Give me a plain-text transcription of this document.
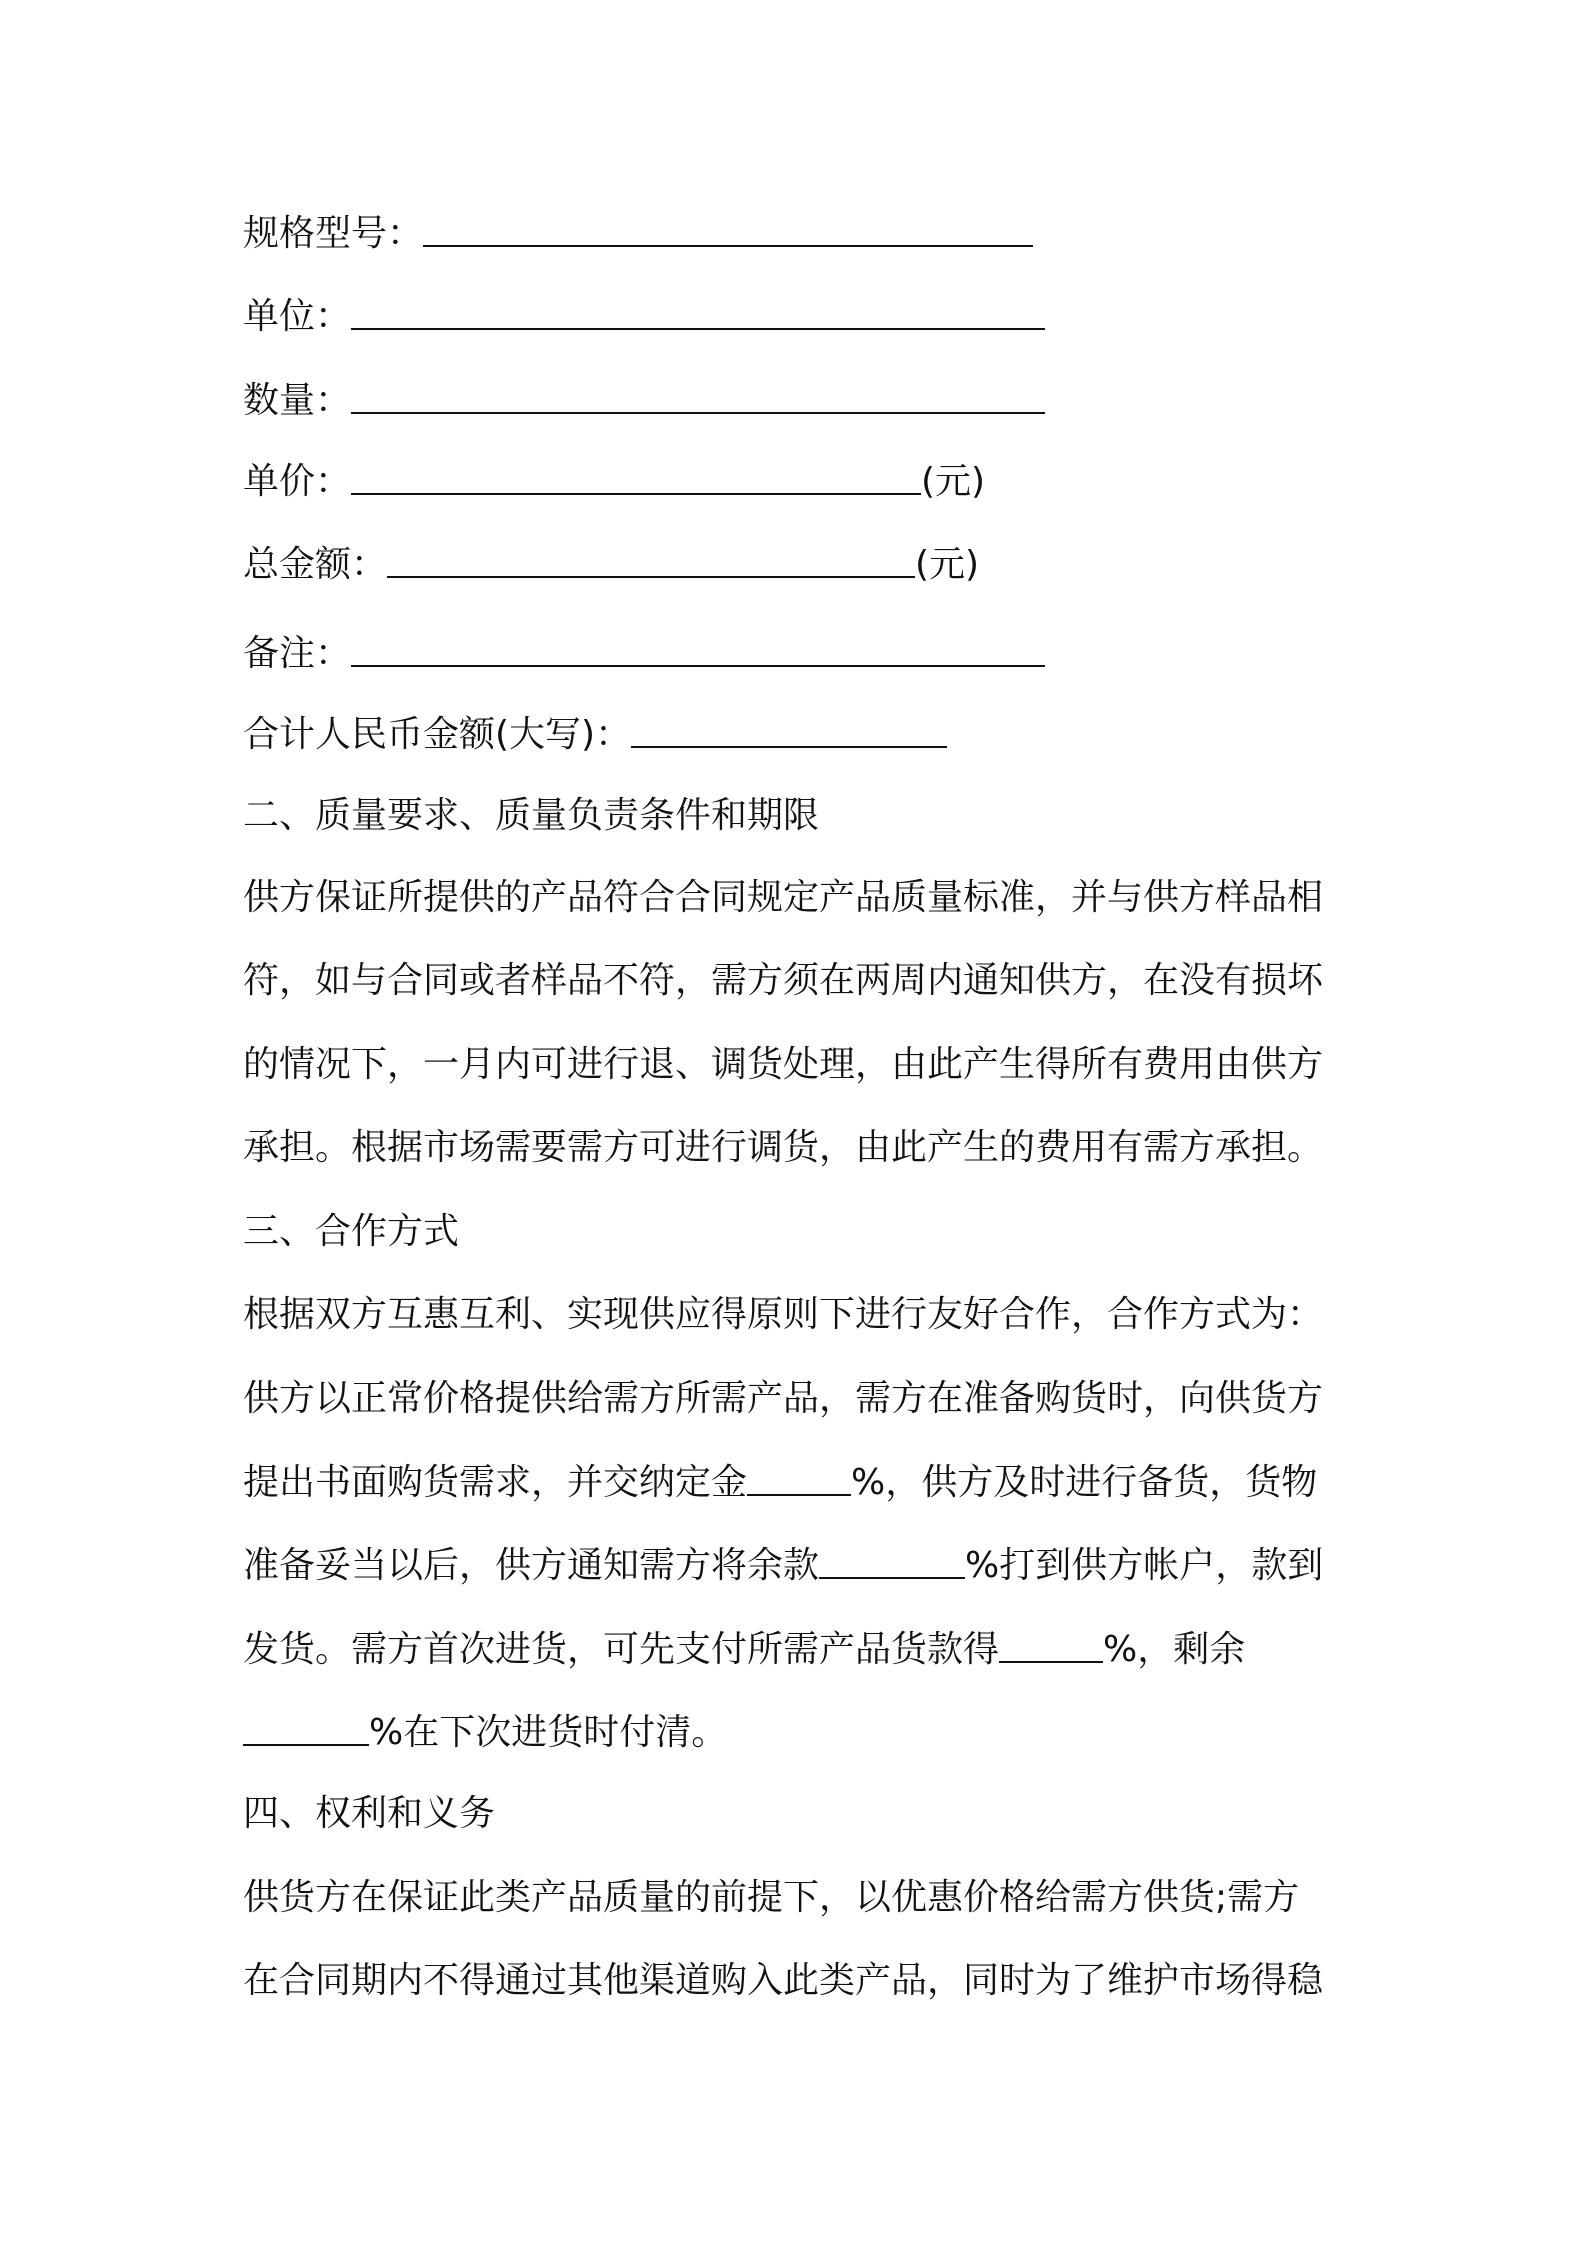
规格型号：
单位：
数量：
单价：	(元)
总金额：	(元)
备注：
合计人民币金额(大写)：
二、质量要求、质量负责条件和期限
供方保证所提供的产品符合合同规定产品质量标准，并与供方样品相
符，如与合同或者样品不符，需方须在两周内通知供方，在没有损坏
的情况下，一月内可进行退、调货处理，由此产生得所有费用由供方
承担。根据市场需要需方可进行调货，由此产生的费用有需方承担。
三、合作方式
根据双方互惠互利、实现供应得原则下进行友好合作，合作方式为：
供方以正常价格提供给需方所需产品，需方在准备购货时，向供货方
提出书面购货需求，并交纳定金	%，供方及时进行备货，货物
准备妥当以后，供方通知需方将余款	%打到供方帐户，款到
发货。需方首次进货，可先支付所需产品货款得	%，剩余
%在下次进货时付清。
四、权利和义务
供货方在保证此类产品质量的前提下，以优惠价格给需方供货;需方
在合同期内不得通过其他渠道购入此类产品，同时为了维护市场得稳
